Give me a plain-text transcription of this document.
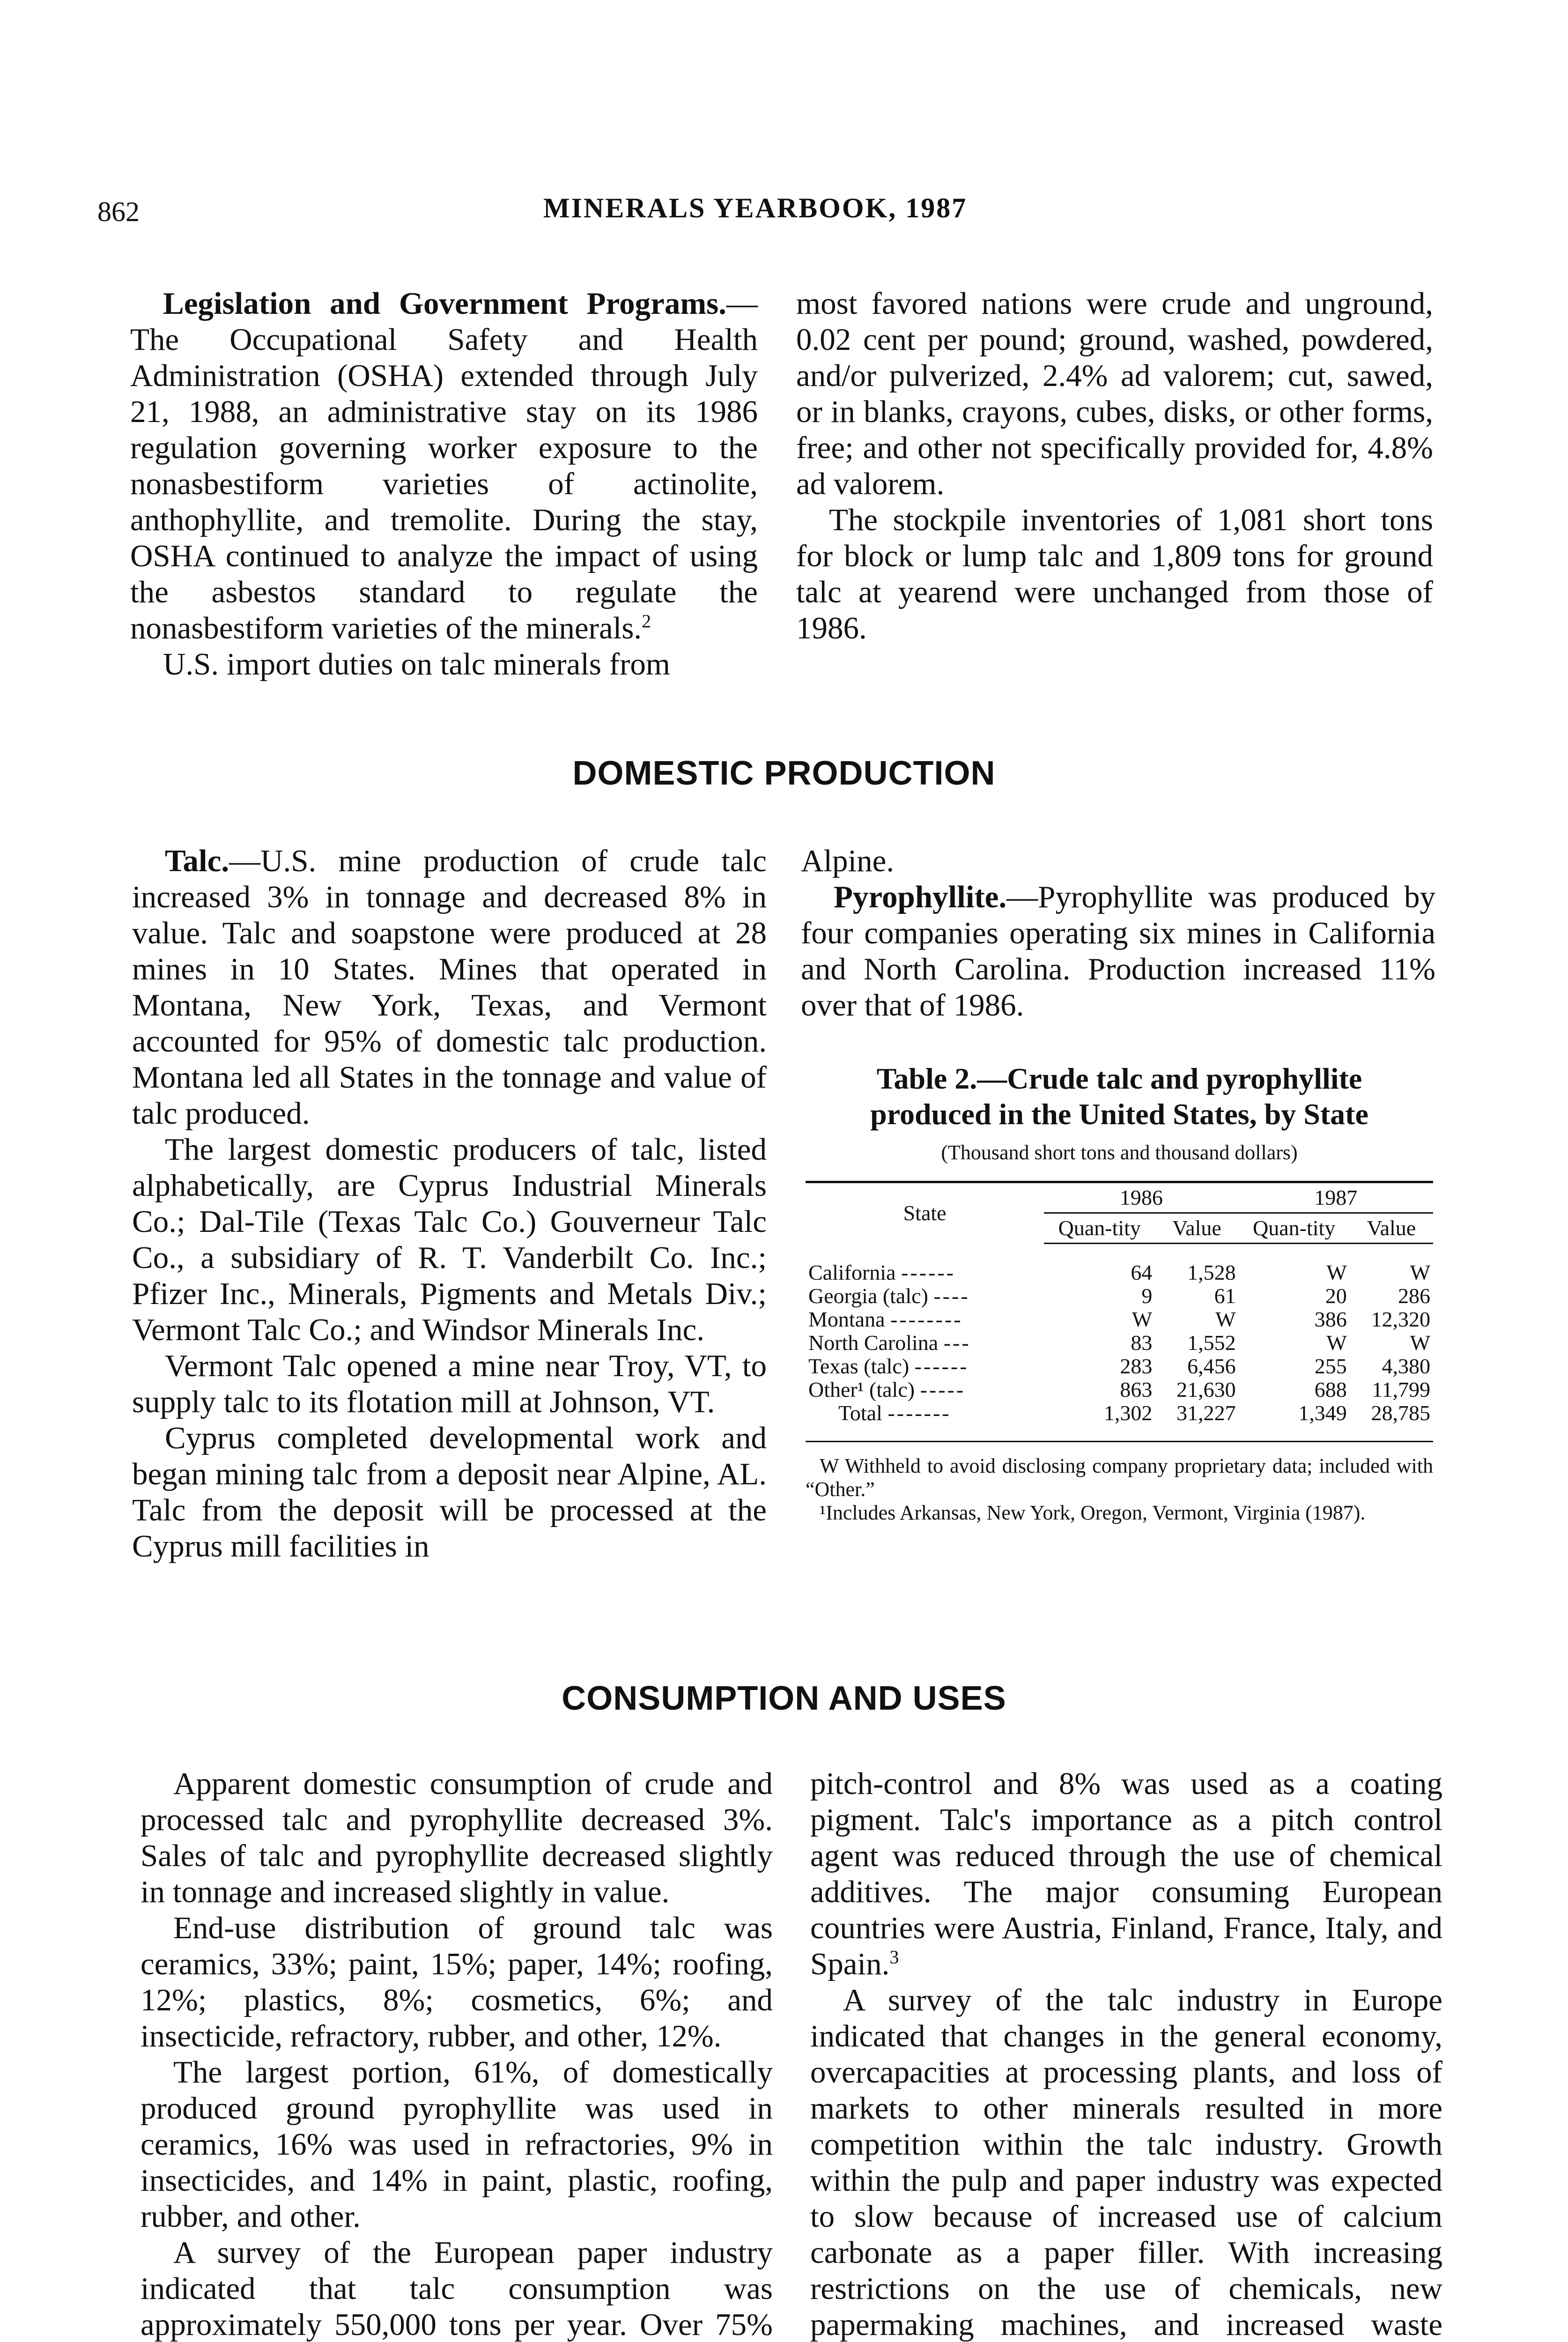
862	MINERALS YEARBOOK, 1987

Legislation and Government Programs.—The Occupational Safety and Health Administration (OSHA) extended through July 21, 1988, an administrative stay on its 1986 regulation governing worker exposure to the nonasbestiform varieties of actinolite, anthophyllite, and tremolite. During the stay, OSHA continued to analyze the impact of using the asbestos standard to regulate the nonasbestiform varieties of the minerals.$^2$

U.S. import duties on talc minerals from

most favored nations were crude and unground, 0.02 cent per pound; ground, washed, powdered, and/or pulverized, 2.4% ad valorem; cut, sawed, or in blanks, crayons, cubes, disks, or other forms, free; and other not specifically provided for, 4.8% ad valorem.

The stockpile inventories of 1,081 short tons for block or lump talc and 1,809 tons for ground talc at yearend were unchanged from those of 1986.

DOMESTIC PRODUCTION

Talc.—U.S. mine production of crude talc increased 3% in tonnage and decreased 8% in value. Talc and soapstone were produced at 28 mines in 10 States. Mines that operated in Montana, New York, Texas, and Vermont accounted for 95% of domestic talc production. Montana led all States in the tonnage and value of talc produced.

The largest domestic producers of talc, listed alphabetically, are Cyprus Industrial Minerals Co.; Dal-Tile (Texas Talc Co.) Gouverneur Talc Co., a subsidiary of R. T. Vanderbilt Co. Inc.; Pfizer Inc., Minerals, Pigments and Metals Div.; Vermont Talc Co.; and Windsor Minerals Inc.

Vermont Talc opened a mine near Troy, VT, to supply talc to its flotation mill at Johnson, VT.

Cyprus completed developmental work and began mining talc from a deposit near Alpine, AL. Talc from the deposit will be processed at the Cyprus mill facilities in

Alpine.

Pyrophyllite.—Pyrophyllite was produced by four companies operating six mines in California and North Carolina. Production increased 11% over that of 1986.

Table 2.—Crude talc and pyrophyllite
produced in the United States, by State
(Thousand short tons and thousand dollars)
State	1986		1987	
	Quan-tity	Value	Quan-tity	Value

California ------	64	1,528	W	W
Georgia (talc) ----	9	61	20	286
Montana --------	W	W	386	12,320
North Carolina ---	83	1,552	W	W
Texas (talc) ------	283	6,456	255	4,380
Other¹ (talc) -----	863	21,630	688	11,799
Total -------	1,302	31,227	1,349	28,785

W Withheld to avoid disclosing company proprietary data; included with “Other.”

¹Includes Arkansas, New York, Oregon, Vermont, Virginia (1987).

CONSUMPTION AND USES

Apparent domestic consumption of crude and processed talc and pyrophyllite decreased 3%. Sales of talc and pyrophyllite decreased slightly in tonnage and increased slightly in value.

End-use distribution of ground talc was ceramics, 33%; paint, 15%; paper, 14%; roofing, 12%; plastics, 8%; cosmetics, 6%; and insecticide, refractory, rubber, and other, 12%.

The largest portion, 61%, of domestically produced ground pyrophyllite was used in ceramics, 16% was used in refractories, 9% in insecticides, and 14% in paint, plastic, roofing, rubber, and other.

A survey of the European paper industry indicated that talc consumption was approximately 550,000 tons per year. Over 75%

pitch-control and 8% was used as a coating pigment. Talc's importance as a pitch control agent was reduced through the use of chemical additives. The major consuming European countries were Austria, Finland, France, Italy, and Spain.$^3$

A survey of the talc industry in Europe indicated that changes in the general economy, overcapacities at processing plants, and loss of markets to other minerals resulted in more competition within the talc industry. Growth within the pulp and paper industry was expected to slow because of increased use of calcium carbonate as a paper filler. With increasing restrictions on the use of chemicals, new papermaking machines, and increased waste
